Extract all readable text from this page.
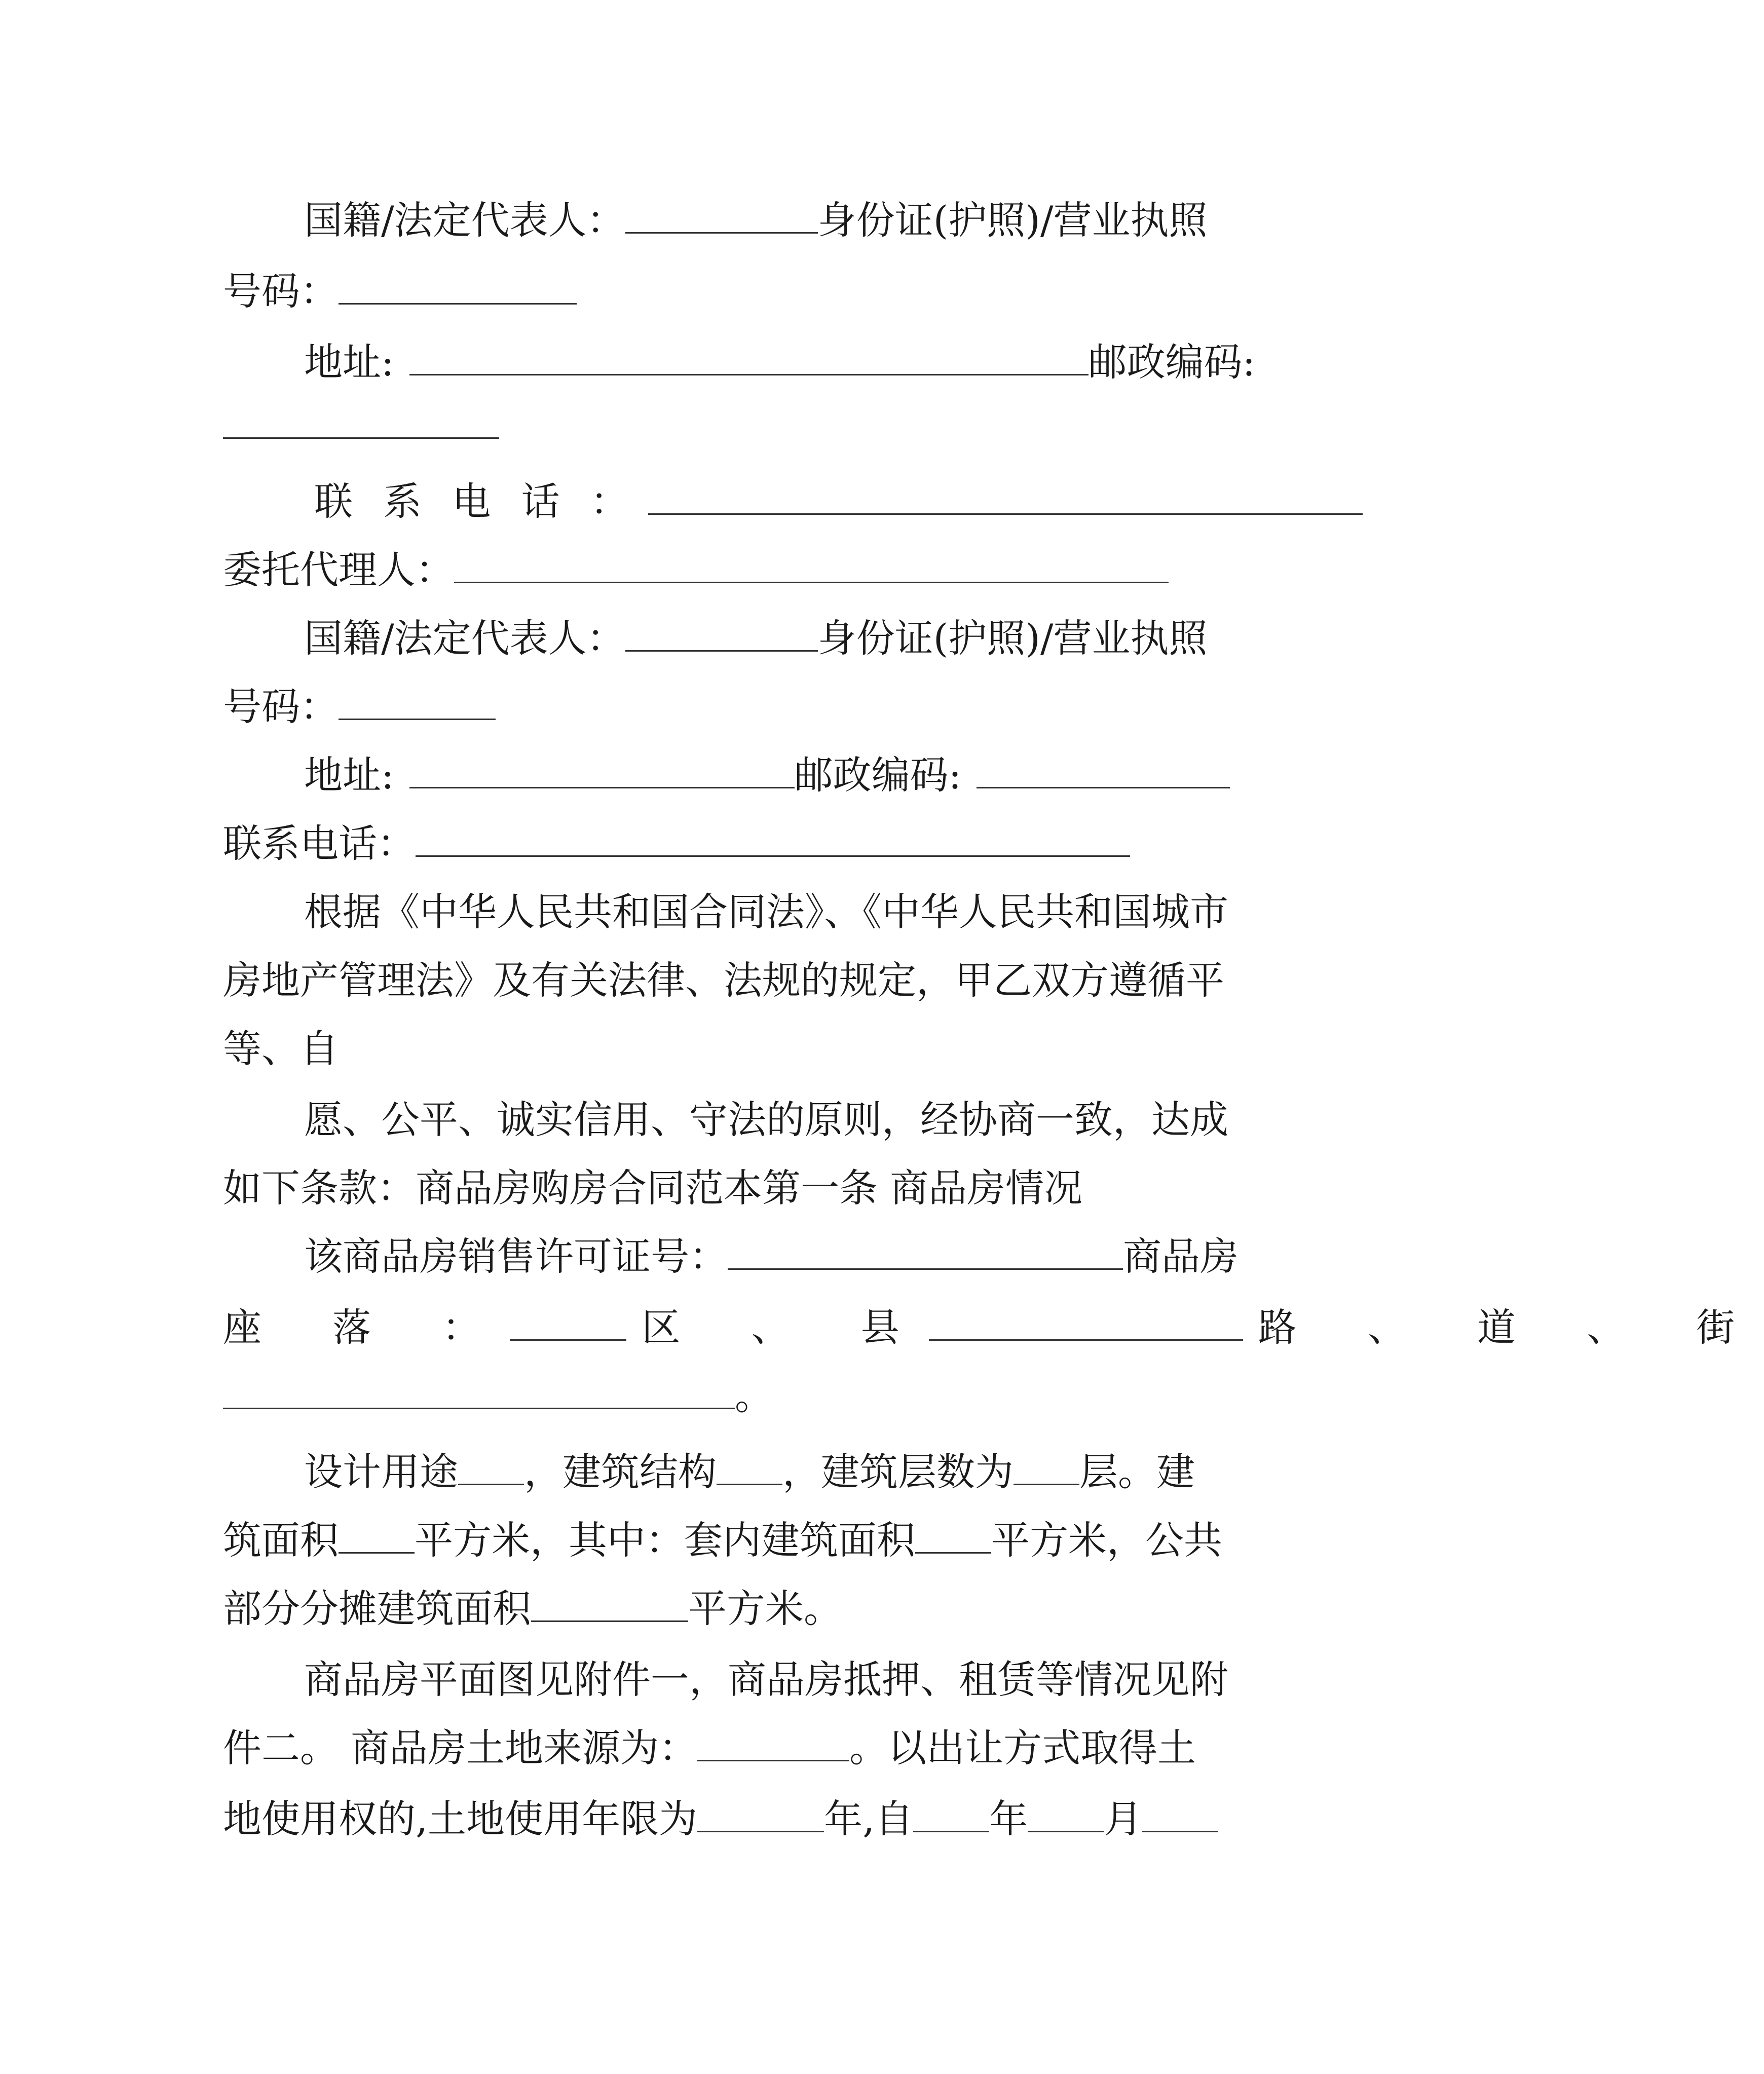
国籍/法定代表人：	身份证(护照)/营业执照
号码：
地址:	邮政编码:
联 系 电 话 ：
委托代理人：
国籍/法定代表人：	身份证(护照)/营业执照
号码：
地址:	邮政编码:
联系电话：
根据《中华人民共和国合同法》、《中华人民共和国城市
房地产管理法》及有关法律、法规的规定，甲乙双方遵循平
等、自
愿、公平、诚实信用、守法的原则，经协商一致，达成
如下条款：商品房购房合同范本第一条 商品房情况
该商品房销售许可证号：	商品房
座 落 ：	区 、 县	路 、 道 、 街
。
设计用途 ，建筑结构 ，建筑层数为 层。建
筑面积 平方米，其中：套内建筑面积 平方米，公共
部分分摊建筑面积	平方米。
商品房平面图见附件一，商品房抵押、租赁等情况见附
件二。 商品房土地来源为：	。以出让方式取得土
地使用权的,土地使用年限为	年,自 年 月
